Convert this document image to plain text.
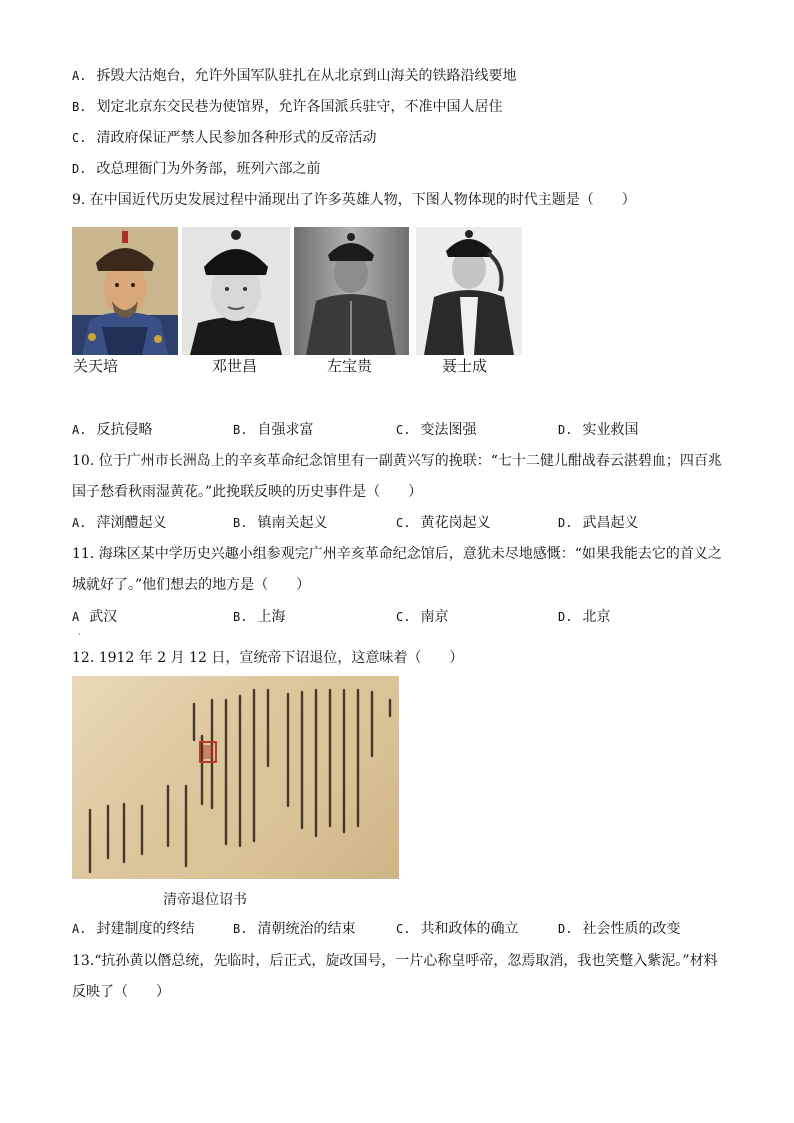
A. 拆毁大沽炮台，允许外国军队驻扎在从北京到山海关的铁路沿线要地
B. 划定北京东交民巷为使馆界，允许各国派兵驻守，不准中国人居住
C. 清政府保证严禁人民参加各种形式的反帝活动
D. 改总理衙门为外务部，班列六部之前
9. 在中国近代历史发展过程中涌现出了许多英雄人物，下图人物体现的时代主题是（　　）
关天培	邓世昌	左宝贵	聂士成
A. 反抗侵略	B. 自强求富	C. 变法图强	D. 实业救国
10. 位于广州市长洲岛上的辛亥革命纪念馆里有一副黄兴写的挽联：“七十二健儿酣战春云湛碧血；四百兆
国子愁看秋雨湿黄花。”此挽联反映的历史事件是（　　）
A. 萍浏醴起义	B. 镇南关起义	C. 黄花岗起义	D. 武昌起义
11. 海珠区某中学历史兴趣小组参观完广州辛亥革命纪念馆后，意犹未尽地感慨：“如果我能去它的首义之
城就好了。”他们想去的地方是（　　）
A 武汉	B. 上海	C. 南京	D. 北京
·
12. 1912 年 2 月 12 日，宣统帝下诏退位，这意味着（　　）
清帝退位诏书
A. 封建制度的终结	B. 清朝统治的结束	C. 共和政体的确立	D. 社会性质的改变
13.“抗孙黄以僭总统，先临时，后正式，旋改国号，一片心称皇呼帝，忽焉取消，我也笑蹩入紫泥。”材料
反映了（　　）
